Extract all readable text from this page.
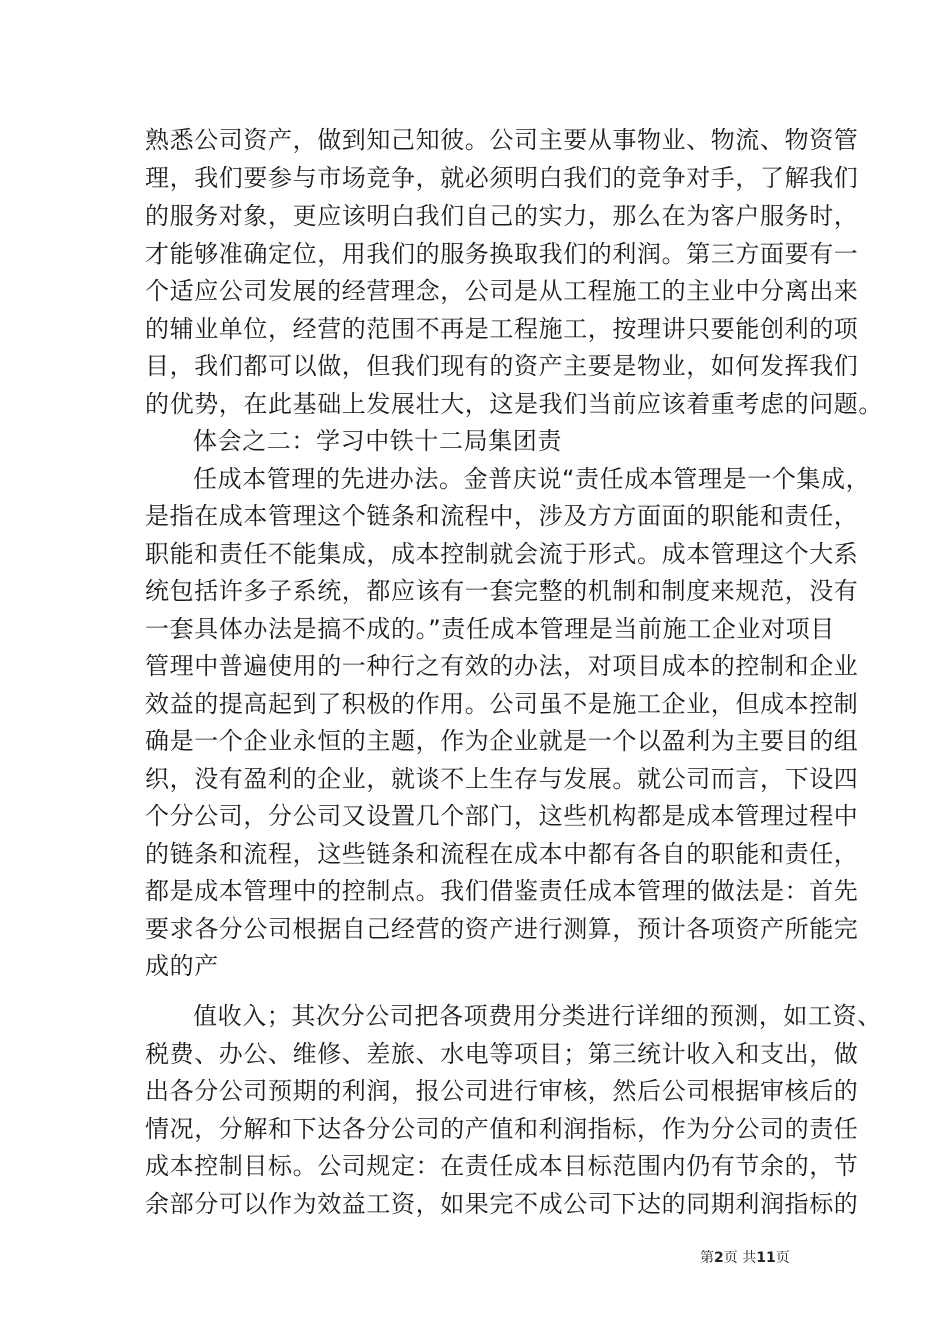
熟悉公司资产，做到知己知彼。公司主要从事物业、物流、物资管
理，我们要参与市场竞争，就必须明白我们的竞争对手，了解我们
的服务对象，更应该明白我们自己的实力，那么在为客户服务时，
才能够准确定位，用我们的服务换取我们的利润。第三方面要有一
个适应公司发展的经营理念，公司是从工程施工的主业中分离出来
的辅业单位，经营的范围不再是工程施工，按理讲只要能创利的项
目，我们都可以做，但我们现有的资产主要是物业，如何发挥我们
的优势，在此基础上发展壮大，这是我们当前应该着重考虑的问题。
体会之二：学习中铁十二局集团责
任成本管理的先进办法。金普庆说“责任成本管理是一个集成，
是指在成本管理这个链条和流程中，涉及方方面面的职能和责任，
职能和责任不能集成，成本控制就会流于形式。成本管理这个大系
统包括许多子系统，都应该有一套完整的机制和制度来规范，没有
一套具体办法是搞不成的。”责任成本管理是当前施工企业对项目
管理中普遍使用的一种行之有效的办法，对项目成本的控制和企业
效益的提高起到了积极的作用。公司虽不是施工企业，但成本控制
确是一个企业永恒的主题，作为企业就是一个以盈利为主要目的组
织，没有盈利的企业，就谈不上生存与发展。就公司而言，下设四
个分公司，分公司又设置几个部门，这些机构都是成本管理过程中
的链条和流程，这些链条和流程在成本中都有各自的职能和责任，
都是成本管理中的控制点。我们借鉴责任成本管理的做法是：首先
要求各分公司根据自己经营的资产进行测算，预计各项资产所能完
成的产
值收入；其次分公司把各项费用分类进行详细的预测，如工资、
税费、办公、维修、差旅、水电等项目；第三统计收入和支出，做
出各分公司预期的利润，报公司进行审核，然后公司根据审核后的
情况，分解和下达各分公司的产值和利润指标，作为分公司的责任
成本控制目标。公司规定：在责任成本目标范围内仍有节余的，节
余部分可以作为效益工资，如果完不成公司下达的同期利润指标的
第2页 共11页
